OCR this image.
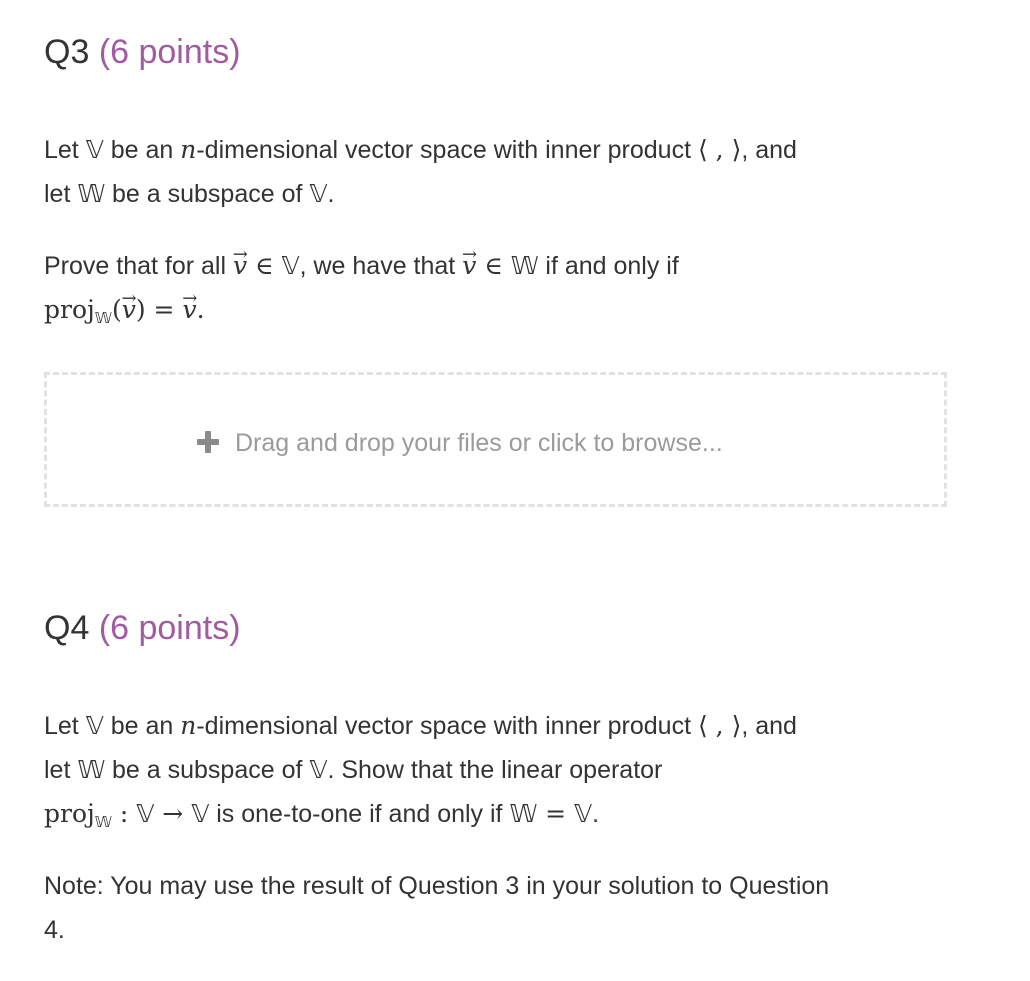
Q3 (6 points)
Let 𝕍 be an n-dimensional vector space with inner product ⟨ , ⟩, and
let 𝕎 be a subspace of 𝕍.
Prove that for all → v ∈ 𝕍, we have that → v ∈ 𝕎 if and only if
proj$_𝕎$(→ v) = → v.
Drag and drop your files or click to browse...
Q4 (6 points)
Let 𝕍 be an n-dimensional vector space with inner product ⟨ , ⟩, and
let 𝕎 be a subspace of 𝕍. Show that the linear operator
proj$_𝕎$ : 𝕍 → 𝕍 is one-to-one if and only if 𝕎 = 𝕍.
Note: You may use the result of Question 3 in your solution to Question
4.
